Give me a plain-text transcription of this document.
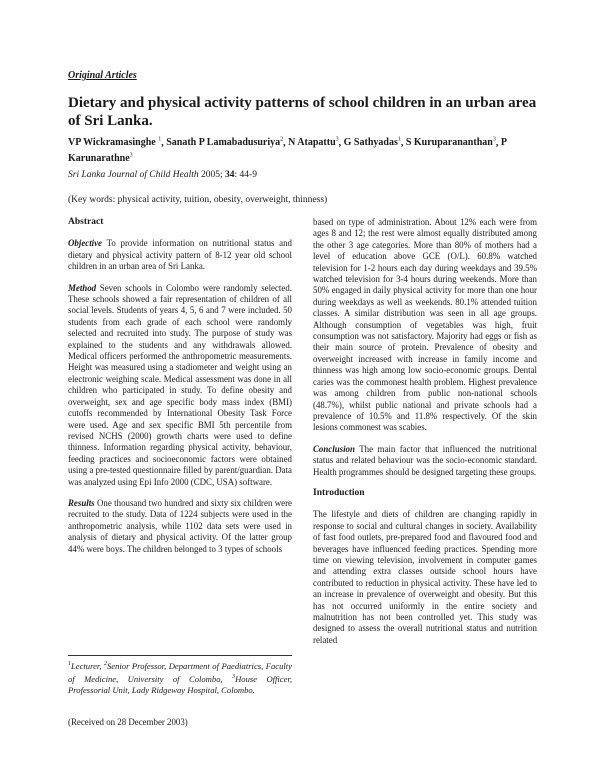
Original Articles
Dietary and physical activity patterns of school children in an urban area of Sri Lanka.
VP Wickramasinghe $^1$, Sanath P Lamabadusuriya$^2$, N Atapattu$^3$, G Sathyadas$^1$, S Kuruparananthan$^3$, P Karunarathne$^3$
Sri Lanka Journal of Child Health 2005; 34: 44-9
(Key words: physical activity, tuition, obesity, overweight, thinness)
Abstract

Objective To provide information on nutritional status and dietary and physical activity pattern of 8-12 year old school children in an urban area of Sri Lanka.

Method Seven schools in Colombo were randomly selected. These schools showed a fair representation of children of all social levels. Students of years 4, 5, 6 and 7 were included. 50 students from each grade of each school were randomly selected and recruited into study. The purpose of study was explained to the students and any withdrawals allowed. Medical officers performed the anthropometric measurements. Height was measured using a stadiometer and weight using an electronic weighing scale. Medical assessment was done in all children who participated in study. To define obesity and overweight, sex and age specific body mass index (BMI) cutoffs recommended by International Obesity Task Force were used. Age and sex specific BMI 5th percentile from revised NCHS (2000) growth charts were used to define thinness. Information regarding physical activity, behaviour, feeding practices and socioeconomic factors were obtained using a pre-tested questionnaire filled by parent/guardian. Data was analyzed using Epi Info 2000 (CDC, USA) software.

Results One thousand two hundred and sixty six children were recruited to the study. Data of 1224 subjects were used in the anthropometric analysis, while 1102 data sets were used in analysis of dietary and physical activity. Of the latter group 44% were boys. The children belonged to 3 types of schools

$^1$Lecturer, $^2$Senior Professor, Department of Paediatrics, Faculty of Medicine, University of Colombo, $^3$House Officer, Professorial Unit, Lady Ridgeway Hospital, Colombo.
(Received on 28 December 2003)

based on type of administration. About 12% each were from ages 8 and 12; the rest were almost equally distributed among the other 3 age categories. More than 80% of mothers had a level of education above GCE (O/L). 60.8% watched television for 1-2 hours each day during weekdays and 39.5% watched television for 3-4 hours during weekends. More than 50% engaged in daily physical activity for more than one hour during weekdays as well as weekends. 80.1% attended tuition classes. A similar distribution was seen in all age groups. Although consumption of vegetables was high, fruit consumption was not satisfactory. Majority had eggs or fish as their main source of protein. Prevalence of obesity and overweight increased with increase in family income and thinness was high among low socio-economic groups. Dental caries was the commonest health problem. Highest prevalence was among children from public non-national schools (48.7%), whilst public national and private schools had a prevalence of 10.5% and 11.8% respectively. Of the skin lesions commonest was scabies.

Conclusion The main factor that influenced the nutritional status and related behaviour was the socio-economic standard. Health programmes should be designed targeting these groups.

Introduction

The lifestyle and diets of children are changing rapidly in response to social and cultural changes in society. Availability of fast food outlets, pre-prepared food and flavoured food and beverages have influenced feeding practices. Spending more time on viewing television, involvement in computer games and attending extra classes outside school hours have contributed to reduction in physical activity. These have led to an increase in prevalence of overweight and obesity. But this has not occurred uniformly in the entire society and malnutrition has not been controlled yet. This study was designed to assess the overall nutritional status and nutrition related
